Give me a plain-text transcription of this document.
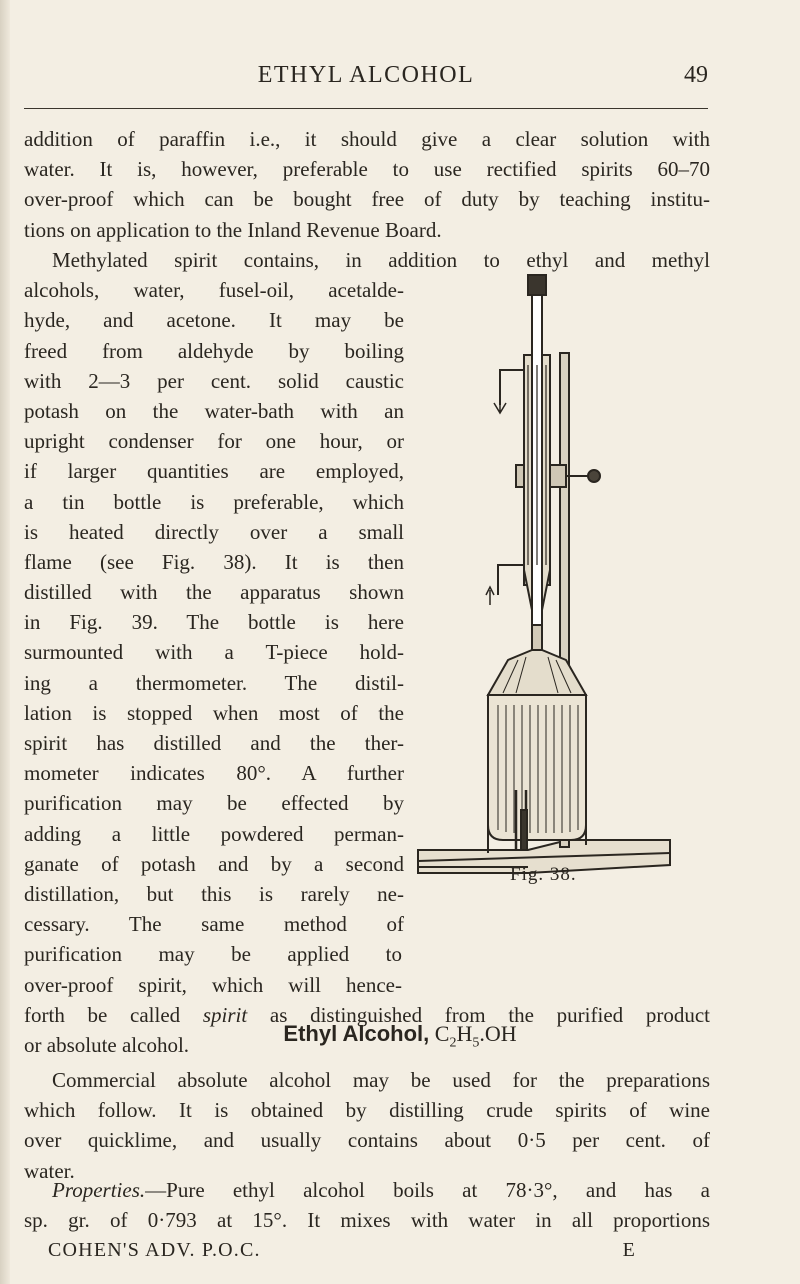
ETHYL ALCOHOL	49
addition of paraffin i.e., it should give a clear solution with
water. It is, however, preferable to use rectified spirits 60–70
over-proof which can be bought free of duty by teaching institu-
tions on application to the Inland Revenue Board.
Methylated spirit contains, in addition to ethyl and methyl
alcohols, water, fusel-oil, acetalde-
hyde, and acetone. It may be
freed from aldehyde by boiling
with 2—3 per cent. solid caustic
potash on the water-bath with an
upright condenser for one hour, or
if larger quantities are employed,
a tin bottle is preferable, which
is heated directly over a small
flame (see Fig. 38). It is then
distilled with the apparatus shown
in Fig. 39. The bottle is here
surmounted with a T-piece hold-
ing a thermometer. The distil-
lation is stopped when most of the
spirit has distilled and the ther-
mometer indicates 80°. A further
purification may be effected by
adding a little powdered perman-
ganate of potash and by a second
distillation, but this is rarely ne-
cessary. The same method of
purification may be applied to
over-proof spirit, which will hence-
forth be called spirit as distinguished from the purified product
or absolute alcohol.
Fig. 38.
Ethyl Alcohol, $C_2H_5.OH$
Commercial absolute alcohol may be used for the preparations
which follow. It is obtained by distilling crude spirits of wine
over quicklime, and usually contains about 0·5 per cent. of
water.
Properties.—Pure ethyl alcohol boils at 78·3°, and has a
sp. gr. of 0·793 at 15°. It mixes with water in all proportions
COHEN'S ADV. P.O.C.	E
